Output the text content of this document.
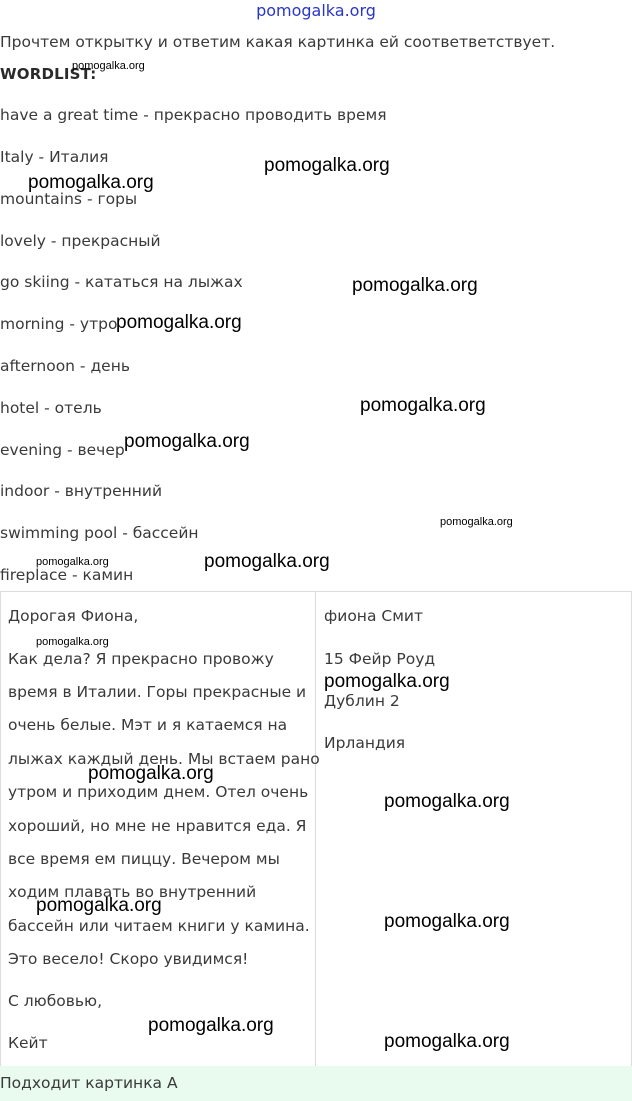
pomogalka.org
Прочтем открытку и ответим какая картинка ей соответветствует.
WORDLIST:
have a great time - прекрасно проводить время
Italy - Италия
mountains - горы
lovely - прекрасный
go skiing - кататься на лыжах
morning - утро
afternoon - день
hotel - отель
evening - вечер
indoor - внутренний
swimming pool - бассейн
fireplace - камин
Дорогая Фиона,
Как дела? Я прекрасно провожу
время в Италии. Горы прекрасные и
очень белые. Мэт и я катаемся на
лыжах каждый день. Мы встаем рано
утром и приходим днем. Отел очень
хороший, но мне не нравится еда. Я
все время ем пиццу. Вечером мы
ходим плавать во внутренний
бассейн или читаем книги у камина.
Это весело! Скоро увидимся!
С любовью,
Кейт
фиона Смит
15 Фейр Роуд
Дублин 2
Ирландия
Подходит картинка А
pomogalka.org
pomogalka.org
pomogalka.org
pomogalka.org
pomogalka.org
pomogalka.org
pomogalka.org
pomogalka.org
pomogalka.org	pomogalka.org
pomogalka.org
pomogalka.org
pomogalka.org
pomogalka.org
pomogalka.org
pomogalka.org
pomogalka.org
pomogalka.org
